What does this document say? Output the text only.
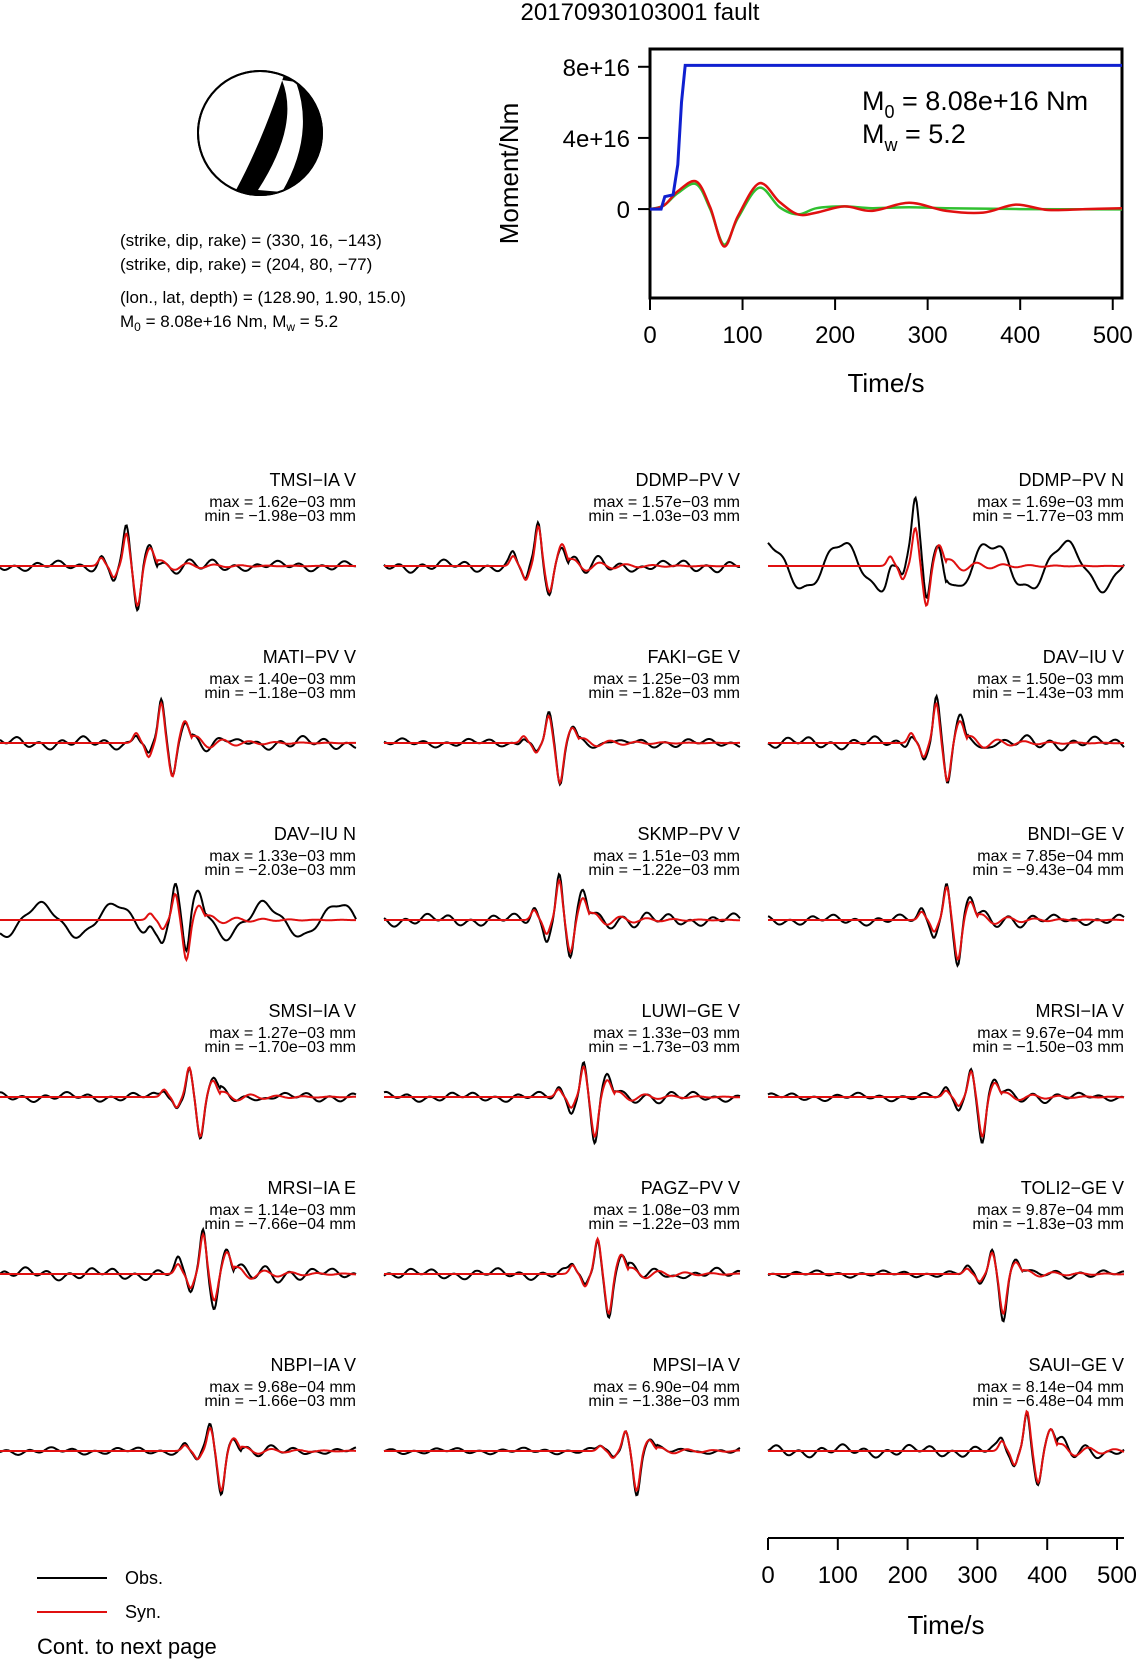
20170930103001 fault
(strike, dip, rake) = (330, 16, −143)
(strike, dip, rake) = (204, 80, −77)
(lon., lat, depth) = (128.90, 1.90, 15.0)
$M_0 = 8.08e+16$ Nm, $M_w = 5.2$
0
4e+16
8e+16
0	100 200 300 400 500
Time/s
Moment/Nm
$M_0 = 8.08e+16$ Nm
$M_w = 5.2$
TMSI−IA V
max = 1.62e−03 mm
min = −1.98e−03 mm
DDMP−PV V
max = 1.57e−03 mm
min = −1.03e−03 mm
DDMP−PV N
max = 1.69e−03 mm
min = −1.77e−03 mm
MATI−PV V
max = 1.40e−03 mm
min = −1.18e−03 mm
FAKI−GE V
max = 1.25e−03 mm
min = −1.82e−03 mm
DAV−IU V
max = 1.50e−03 mm
min = −1.43e−03 mm
DAV−IU N
max = 1.33e−03 mm
min = −2.03e−03 mm
SKMP−PV V
max = 1.51e−03 mm
min = −1.22e−03 mm
BNDI−GE V
max = 7.85e−04 mm
min = −9.43e−04 mm
SMSI−IA V
max = 1.27e−03 mm
min = −1.70e−03 mm
LUWI−GE V
max = 1.33e−03 mm
min = −1.73e−03 mm
MRSI−IA V
max = 9.67e−04 mm
min = −1.50e−03 mm
MRSI−IA E
max = 1.14e−03 mm
min = −7.66e−04 mm
PAGZ−PV V
max = 1.08e−03 mm
min = −1.22e−03 mm
TOLI2−GE V
max = 9.87e−04 mm
min = −1.83e−03 mm
NBPI−IA V
max = 9.68e−04 mm
min = −1.66e−03 mm
MPSI−IA V
max = 6.90e−04 mm
min = −1.38e−03 mm
SAUI−GE V
max = 8.14e−04 mm
min = −6.48e−04 mm
0 100 200 300 400 500
Time/s
Obs.
Syn.
Cont. to next page
